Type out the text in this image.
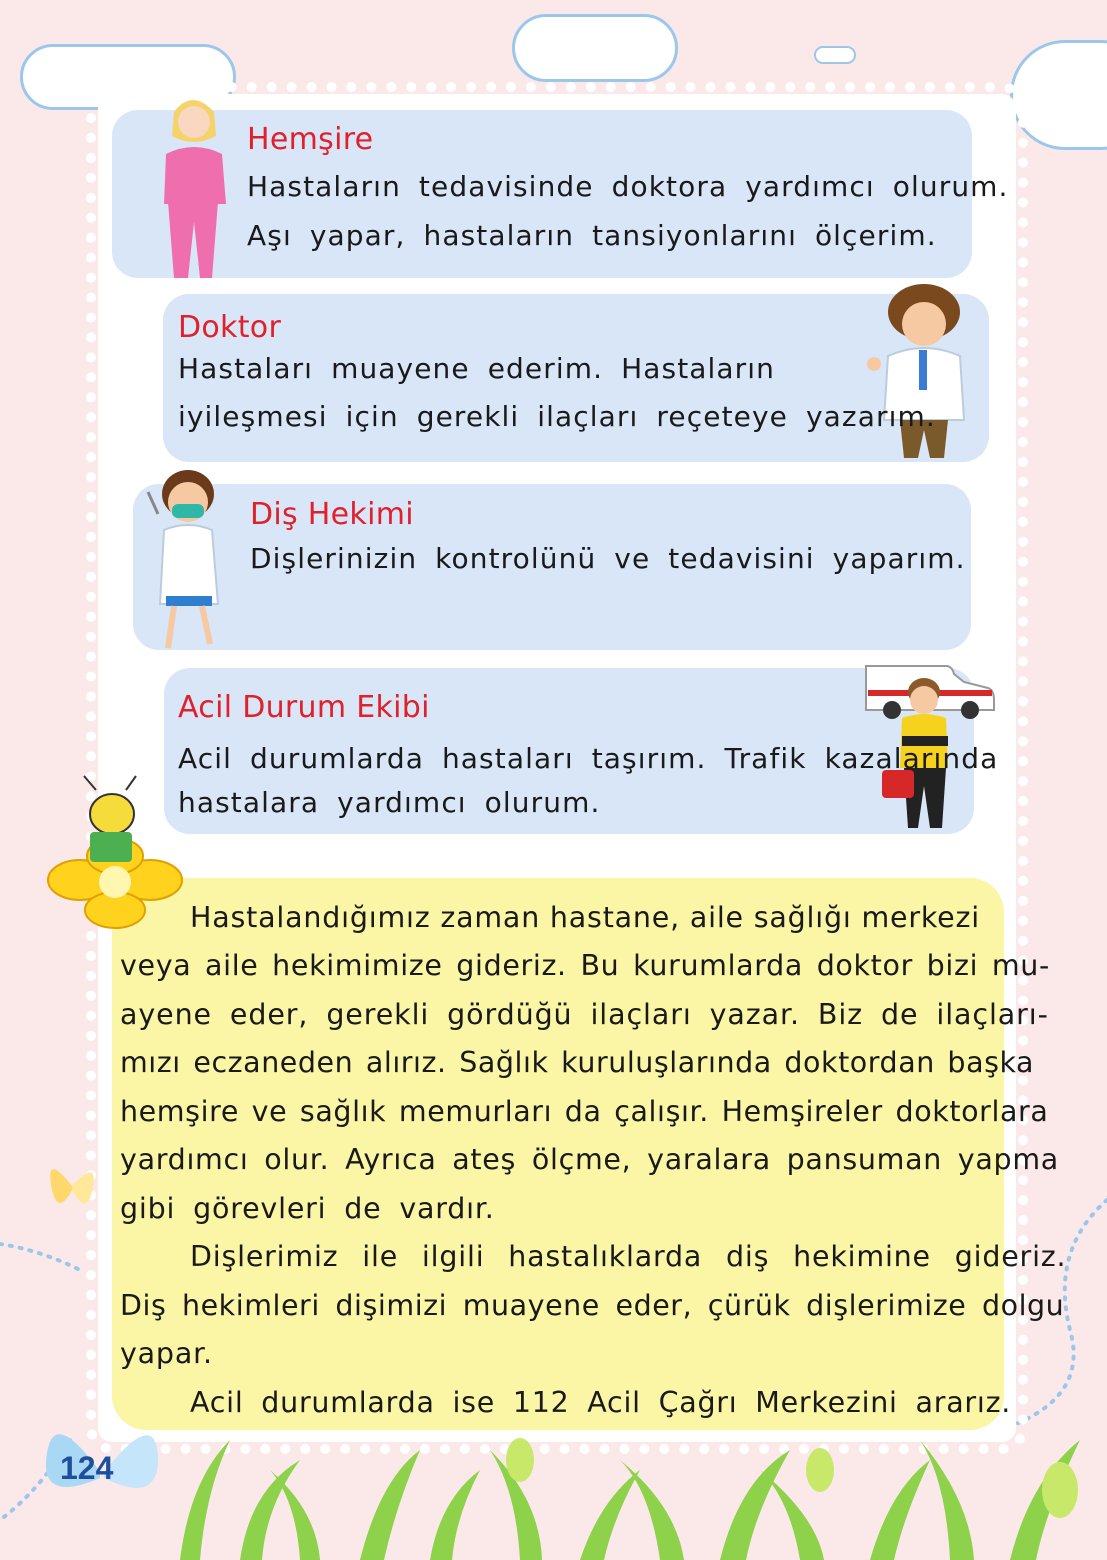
Hemşire
Hastaların tedavisinde doktora yardımcı olurum.
Aşı yapar, hastaların tansiyonlarını ölçerim.
Doktor
Hastaları muayene ederim. Hastaların
iyileşmesi için gerekli ilaçları reçeteye yazarım.
Diş Hekimi
Dişlerinizin kontrolünü ve tedavisini yaparım.
Acil Durum Ekibi
Acil durumlarda hastaları taşırım. Trafik kazalarında
hastalara yardımcı olurum.
Hastalandığımız zaman hastane, aile sağlığı merkezi
veya aile hekimimize gideriz. Bu kurumlarda doktor bizi mu-
ayene eder, gerekli gördüğü ilaçları yazar. Biz de ilaçları-
mızı eczaneden alırız. Sağlık kuruluşlarında doktordan başka
hemşire ve sağlık memurları da çalışır. Hemşireler doktorlara
yardımcı olur. Ayrıca ateş ölçme, yaralara pansuman yapma
gibi görevleri de vardır.
Dişlerimiz ile ilgili hastalıklarda diş hekimine gideriz.
Diş hekimleri dişimizi muayene eder, çürük dişlerimize dolgu
yapar.
Acil durumlarda ise 112 Acil Çağrı Merkezini ararız.
124
